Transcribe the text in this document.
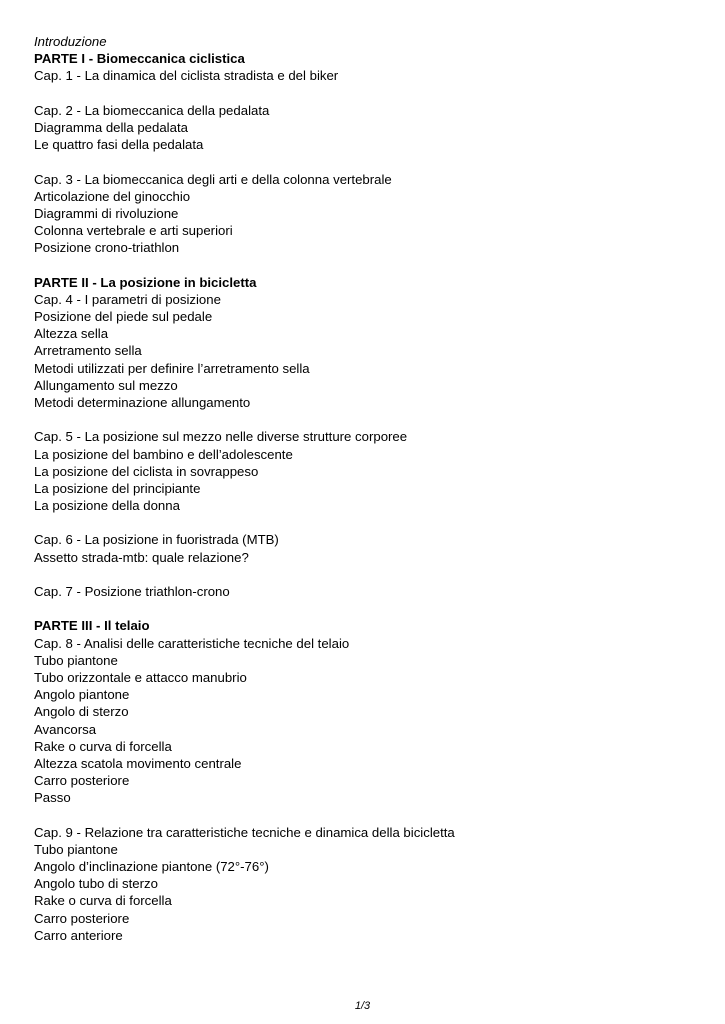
Introduzione
PARTE I - Biomeccanica ciclistica
Cap. 1 - La dinamica del ciclista stradista e del biker
Cap. 2 - La biomeccanica della pedalata
Diagramma della pedalata
Le quattro fasi della pedalata
Cap. 3 - La biomeccanica degli arti e della colonna vertebrale
Articolazione del ginocchio
Diagrammi di rivoluzione
Colonna vertebrale e arti superiori
Posizione crono-triathlon
PARTE II - La posizione in bicicletta
Cap. 4 - I parametri di posizione
Posizione del piede sul pedale
Altezza sella
Arretramento sella
Metodi utilizzati per definire l’arretramento sella
Allungamento sul mezzo
Metodi determinazione allungamento
Cap. 5 - La posizione sul mezzo nelle diverse strutture corporee
La posizione del bambino e dell’adolescente
La posizione del ciclista in sovrappeso
La posizione del principiante
La posizione della donna
Cap. 6 - La posizione in fuoristrada (MTB)
Assetto strada-mtb: quale relazione?
Cap. 7 - Posizione triathlon-crono
PARTE III - Il telaio
Cap. 8 - Analisi delle caratteristiche tecniche del telaio
Tubo piantone
Tubo orizzontale e attacco manubrio
Angolo piantone
Angolo di sterzo
Avancorsa
Rake o curva di forcella
Altezza scatola movimento centrale
Carro posteriore
Passo
Cap. 9 - Relazione tra caratteristiche tecniche e dinamica della bicicletta
Tubo piantone
Angolo d’inclinazione piantone (72°-76°)
Angolo tubo di sterzo
Rake o curva di forcella
Carro posteriore
Carro anteriore
1/3
